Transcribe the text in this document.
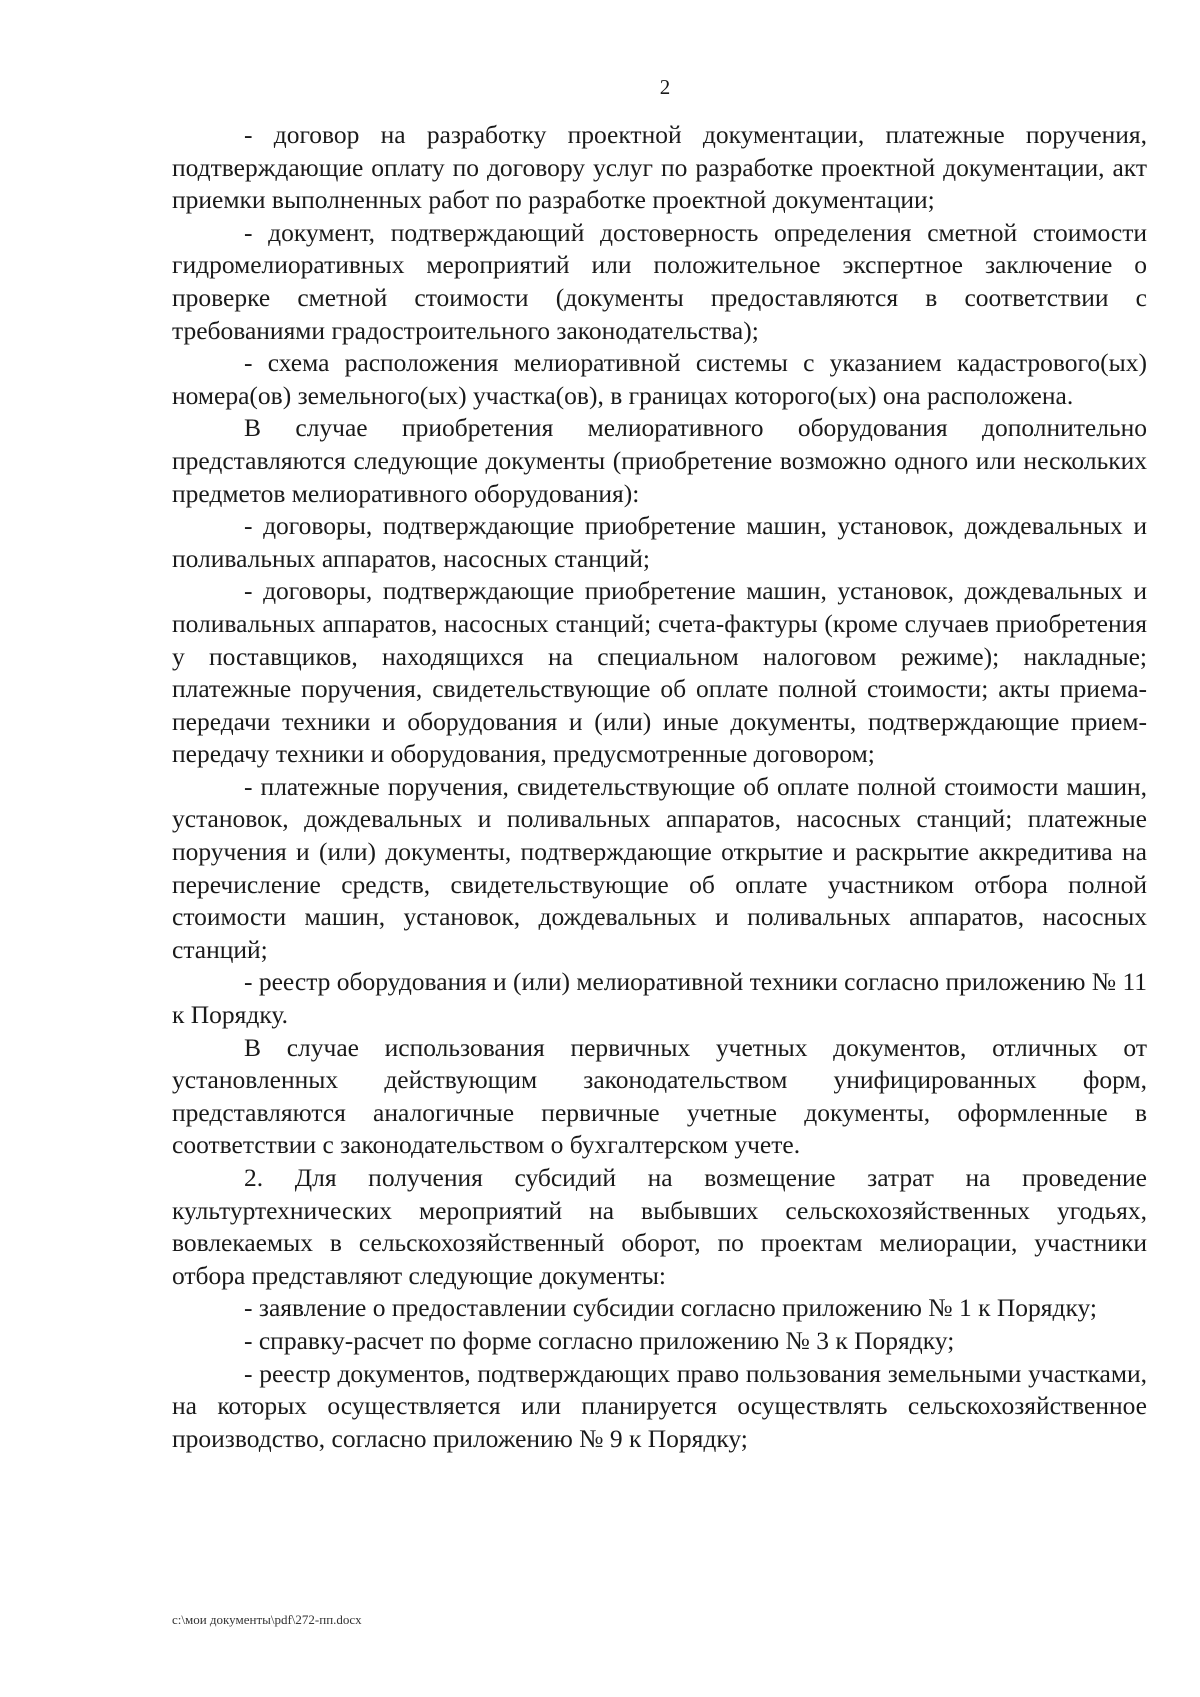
2

- договор на разработку проектной документации, платежные поручения, подтверждающие оплату по договору услуг по разработке проектной документации, акт приемки выполненных работ по разработке проектной документации;

- документ, подтверждающий достоверность определения сметной стоимости гидромелиоративных мероприятий или положительное экспертное заключение о проверке сметной стоимости (документы предоставляются в соответствии с требованиями градостроительного законодательства);

- схема расположения мелиоративной системы с указанием кадастрового(ых) номера(ов) земельного(ых) участка(ов), в границах которого(ых) она расположена.

В случае приобретения мелиоративного оборудования дополнительно представляются следующие документы (приобретение возможно одного или нескольких предметов мелиоративного оборудования):

- договоры, подтверждающие приобретение машин, установок, дождевальных и поливальных аппаратов, насосных станций;

- договоры, подтверждающие приобретение машин, установок, дождевальных и поливальных аппаратов, насосных станций; счета-фактуры (кроме случаев приобретения у поставщиков, находящихся на специальном налоговом режиме); накладные; платежные поручения, свидетельствующие об оплате полной стоимости; акты приема-передачи техники и оборудования и (или) иные документы, подтверждающие прием-передачу техники и оборудования, предусмотренные договором;

- платежные поручения, свидетельствующие об оплате полной стоимости машин, установок, дождевальных и поливальных аппаратов, насосных станций; платежные поручения и (или) документы, подтверждающие открытие и раскрытие аккредитива на перечисление средств, свидетельствующие об оплате участником отбора полной стоимости машин, установок, дождевальных и поливальных аппаратов, насосных станций;

- реестр оборудования и (или) мелиоративной техники согласно приложению № 11 к Порядку.

В случае использования первичных учетных документов, отличных от установленных действующим законодательством унифицированных форм, представляются аналогичные первичные учетные документы, оформленные в соответствии с законодательством о бухгалтерском учете.

2. Для получения субсидий на возмещение затрат на проведение культуртехнических мероприятий на выбывших сельскохозяйственных угодьях, вовлекаемых в сельскохозяйственный оборот, по проектам мелиорации, участники отбора представляют следующие документы:

- заявление о предоставлении субсидии согласно приложению № 1 к Порядку;

- справку-расчет по форме согласно приложению № 3 к Порядку;

- реестр документов, подтверждающих право пользования земельными участками, на которых осуществляется или планируется осуществлять сельскохозяйственное производство, согласно приложению № 9 к Порядку;

c:\мои документы\pdf\272-пп.docx
